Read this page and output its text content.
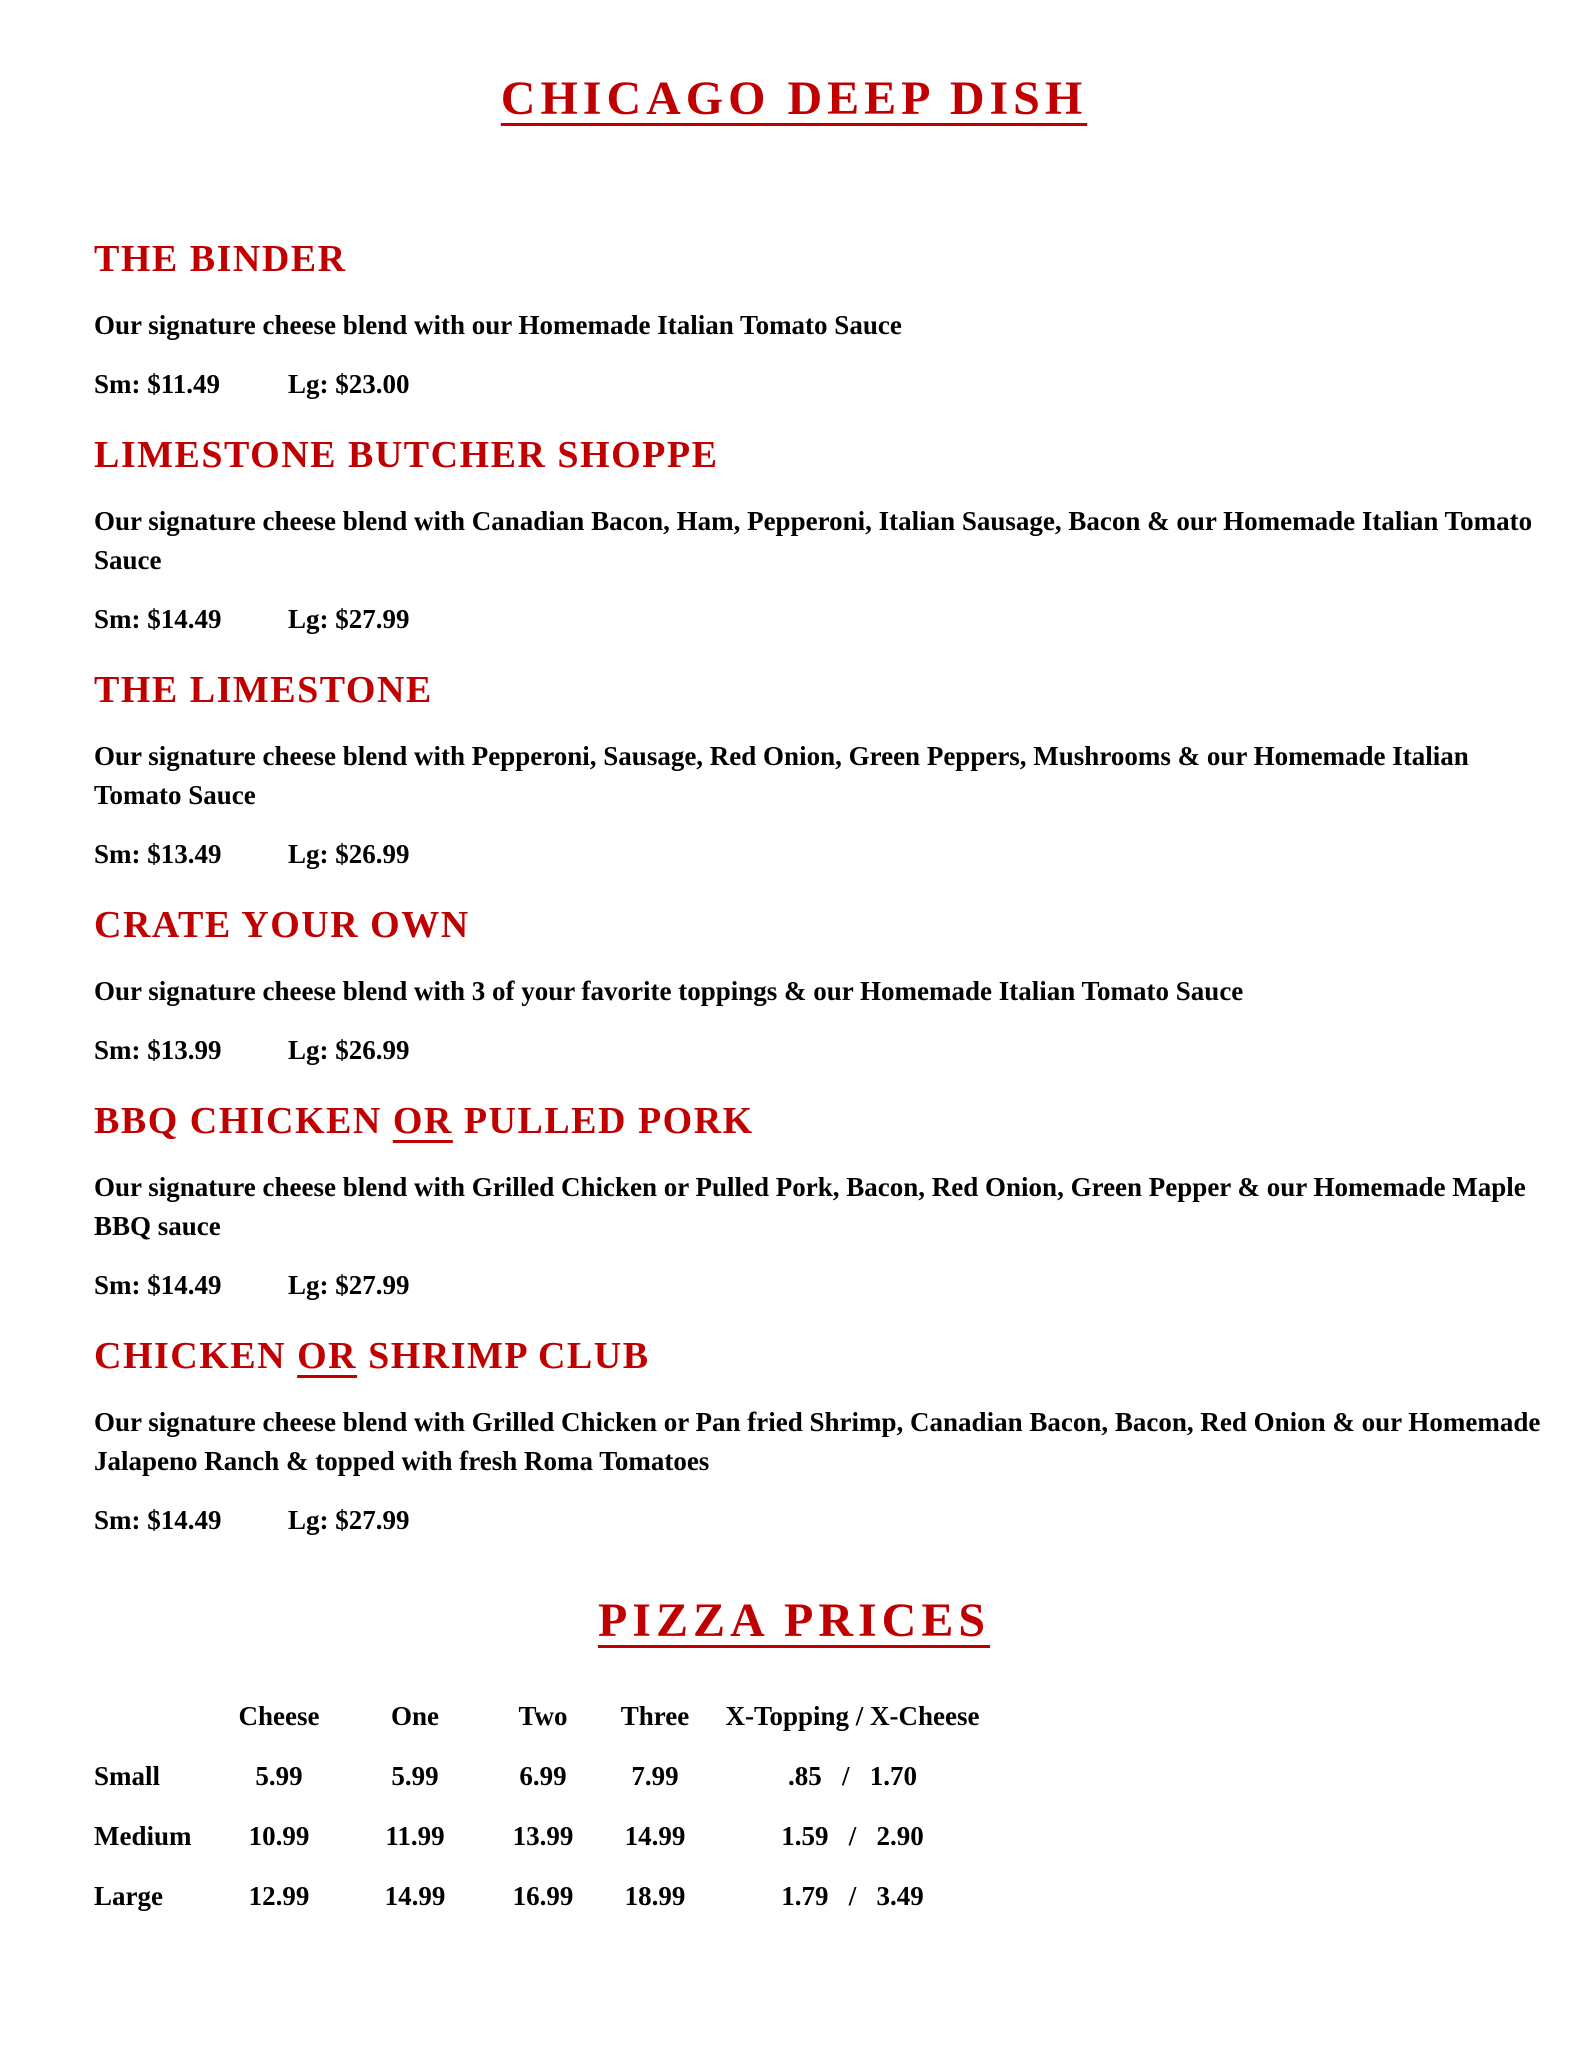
CHICAGO DEEP DISH
THE BINDER
Our signature cheese blend with our Homemade Italian Tomato Sauce
Sm: $11.49	Lg: $23.00
LIMESTONE BUTCHER SHOPPE
Our signature cheese blend with Canadian Bacon, Ham, Pepperoni, Italian Sausage, Bacon & our Homemade Italian Tomato
Sauce
Sm: $14.49 Lg: $27.99
THE LIMESTONE
Our signature cheese blend with Pepperoni, Sausage, Red Onion, Green Peppers, Mushrooms & our Homemade Italian
Tomato Sauce
Sm: $13.49 Lg: $26.99
CRATE YOUR OWN
Our signature cheese blend with 3 of your favorite toppings & our Homemade Italian Tomato Sauce
Sm: $13.99 Lg: $26.99
BBQ CHICKEN OR PULLED PORK
Our signature cheese blend with Grilled Chicken or Pulled Pork, Bacon, Red Onion, Green Pepper & our Homemade Maple
BBQ sauce
Sm: $14.49 Lg: $27.99
CHICKEN OR SHRIMP CLUB
Our signature cheese blend with Grilled Chicken or Pan fried Shrimp, Canadian Bacon, Bacon, Red Onion & our Homemade
Jalapeno Ranch & topped with fresh Roma Tomatoes
Sm: $14.49 Lg: $27.99
PIZZA PRICES
	Cheese	One	Two	Three	X-Topping / X-Cheese
Small	5.99	5.99	6.99	7.99	.85   /   1.70
Medium	10.99	11.99	13.99	14.99	1.59   /   2.90
Large	12.99	14.99	16.99	18.99	1.79   /   3.49
